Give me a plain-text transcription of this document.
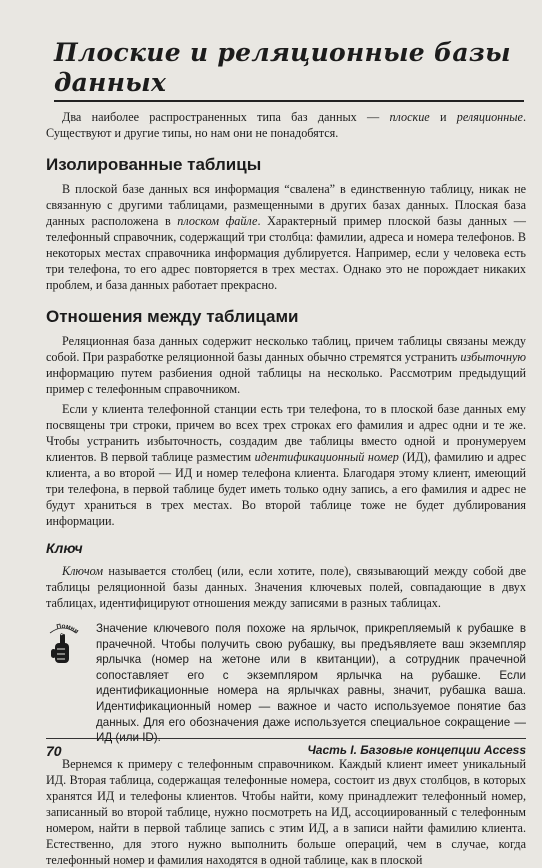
Плоские и реляционные базы данных

Два наиболее распространенных типа баз данных — плоские и реляционные. Существуют и другие типы, но нам они не понадобятся.

Изолированные таблицы

В плоской базе данных вся информация “свалена” в единственную таблицу, никак не связанную с другими таблицами, размещенными в других базах данных. Плоская база данных расположена в плоском файле. Характерный пример плоской базы данных — телефонный справочник, содержащий три столбца: фамилии, адреса и номера телефонов. В некоторых местах справочника информация дублируется. Например, если у человека есть три телефона, то его адрес повторяется в трех местах. Однако это не порождает никаких проблем, и база данных работает прекрасно.

Отношения между таблицами

Реляционная база данных содержит несколько таблиц, причем таблицы связаны между собой. При разработке реляционной базы данных обычно стремятся устранить избыточную информацию путем разбиения одной таблицы на несколько. Рассмотрим предыдущий пример с телефонным справочником.

Если у клиента телефонной станции есть три телефона, то в плоской базе данных ему посвящены три строки, причем во всех трех строках его фамилия и адрес одни и те же. Чтобы устранить избыточность, создадим две таблицы вместо одной и пронумеруем клиентов. В первой таблице разместим идентификационный номер (ИД), фамилию и адрес клиента, а во второй — ИД и номер телефона клиента. Благодаря этому клиент, имеющий три телефона, в первой таблице будет иметь только одну запись, а его фамилия и адрес не будут храниться в трех местах. Во второй таблице тоже не будет дублирования информации.

Ключ

Ключом называется столбец (или, если хотите, поле), связывающий между собой две таблицы реляционной базы данных. Значения ключевых полей, совпадающие в двух таблицах, идентифицируют отношения между записями в разных таблицах.

Помни Значение ключевого поля похоже на ярлычок, прикрепляемый к рубашке в прачечной. Чтобы получить свою рубашку, вы предъявляете ваш экземпляр ярлычка (номер на жетоне или в квитанции), а сотрудник прачечной сопоставляет его с экземпляром ярлычка на рубашке. Если идентификационные номера на ярлычках равны, значит, рубашка ваша. Идентификационный номер — важное и часто используемое понятие баз данных. Для его обозначения даже используется специальное сокращение — ИД (или ID).

Вернемся к примеру с телефонным справочником. Каждый клиент имеет уникальный ИД. Вторая таблица, содержащая телефонные номера, состоит из двух столбцов, в которых хранятся ИД и телефоны клиентов. Чтобы найти, кому принадлежит телефонный номер, записанный во второй таблице, нужно посмотреть на ИД, ассоциированный с телефонным номером, найти в первой таблице запись с этим ИД, а в записи найти фамилию клиента. Естественно, для этого нужно выполнить больше операций, чем в случае, когда телефонный номер и фамилия находятся в одной таблице, как в плоской

70	Часть I. Базовые концепции Access
